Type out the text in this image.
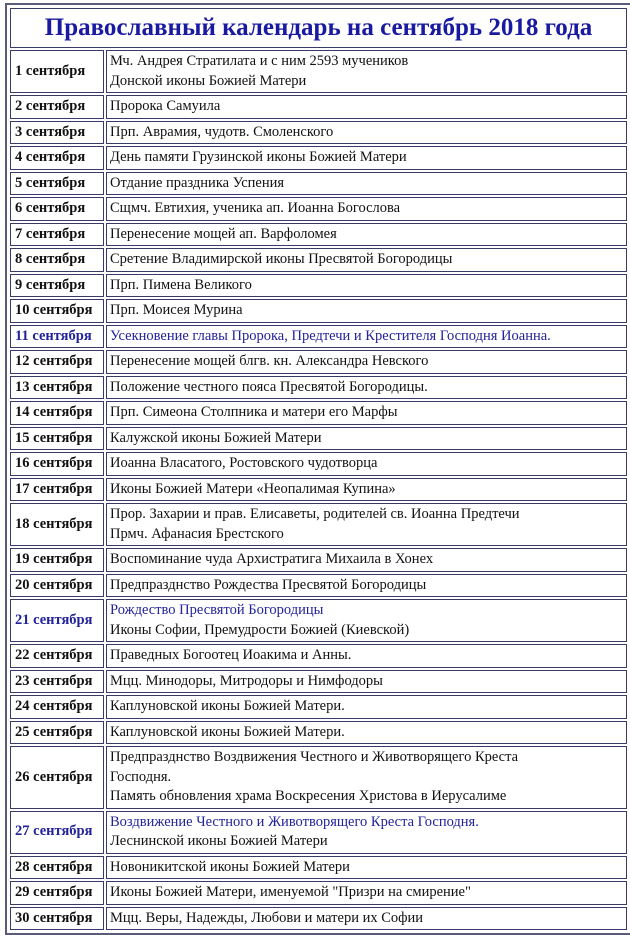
Православный календарь на сентябрь 2018 года	
1 сентября	Мч. Андрея Стратилата и с ним 2593 мучеников
Донской иконы Божией Матери

2 сентября	Пророка Самуила

3 сентября	Прп. Аврамия, чудотв. Смоленского

4 сентября	День памяти Грузинской иконы Божией Матери

5 сентября	Отдание праздника Успения

6 сентября	Сщмч. Евтихия, ученика ап. Иоанна Богослова

7 сентября	Перенесение мощей ап. Варфоломея

8 сентября	Сретение Владимирской иконы Пресвятой Богородицы

9 сентября	Прп. Пимена Великого

10 сентября	Прп. Моисея Мурина

11 сентября	Усекновение главы Пророка, Предтечи и Крестителя Господня Иоанна.

12 сентября	Перенесение мощей блгв. кн. Александра Невского

13 сентября	Положение честного пояса Пресвятой Богородицы.

14 сентября	Прп. Симеона Столпника и матери его Марфы

15 сентября	Калужской иконы Божией Матери

16 сентября	Иоанна Власатого, Ростовского чудотворца

17 сентября	Иконы Божией Матери «Неопалимая Купина»

18 сентября	Прор. Захарии и прав. Елисаветы, родителей св. Иоанна Предтечи
Прмч. Афанасия Брестского

19 сентября	Воспоминание чуда Архистратига Михаила в Хонех

20 сентября	Предпразднство Рождества Пресвятой Богородицы

21 сентября	Рождество Пресвятой Богородицы
Иконы Софии, Премудрости Божией (Киевской)

22 сентября	Праведных Богоотец Иоакима и Анны.

23 сентября	Мцц. Минодоры, Митродоры и Нимфодоры

24 сентября	Каплуновской иконы Божией Матери.

25 сентября	Каплуновской иконы Божией Матери.

26 сентября	Предпразднство Воздвижения Честного и Животворящего Креста
Господня.
Память обновления храма Воскресения Христова в Иерусалиме

27 сентября	Воздвижение Честного и Животворящего Креста Господня.
Леснинской иконы Божией Матери

28 сентября	Новоникитской иконы Божией Матери

29 сентября	Иконы Божией Матери, именуемой "Призри на смирение"

30 сентября	Мцц. Веры, Надежды, Любови и матери их Софии
